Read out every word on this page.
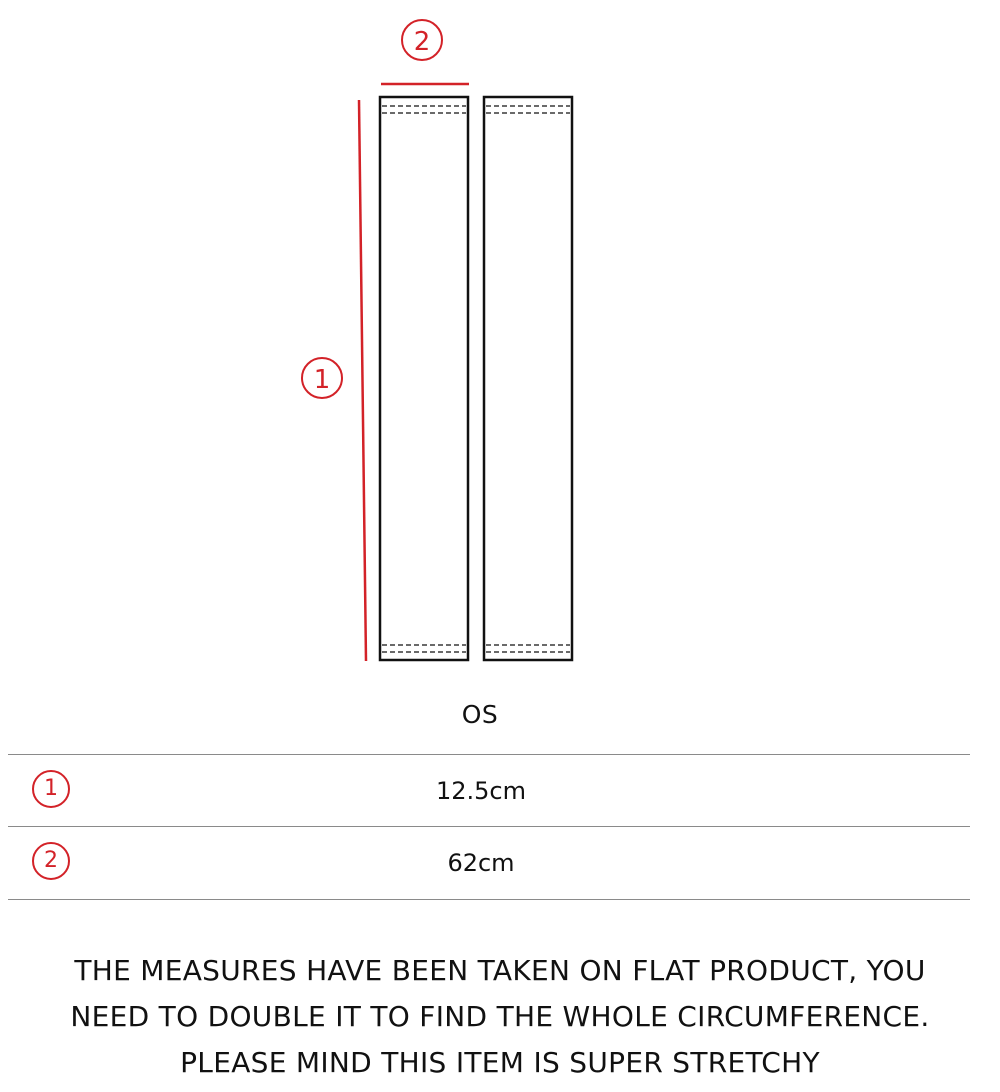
2
1
OS
1	12.5cm
2	62cm
THE MEASURES HAVE BEEN TAKEN ON FLAT PRODUCT, YOU
NEED TO DOUBLE IT TO FIND THE WHOLE CIRCUMFERENCE.
PLEASE MIND THIS ITEM IS SUPER STRETCHY
